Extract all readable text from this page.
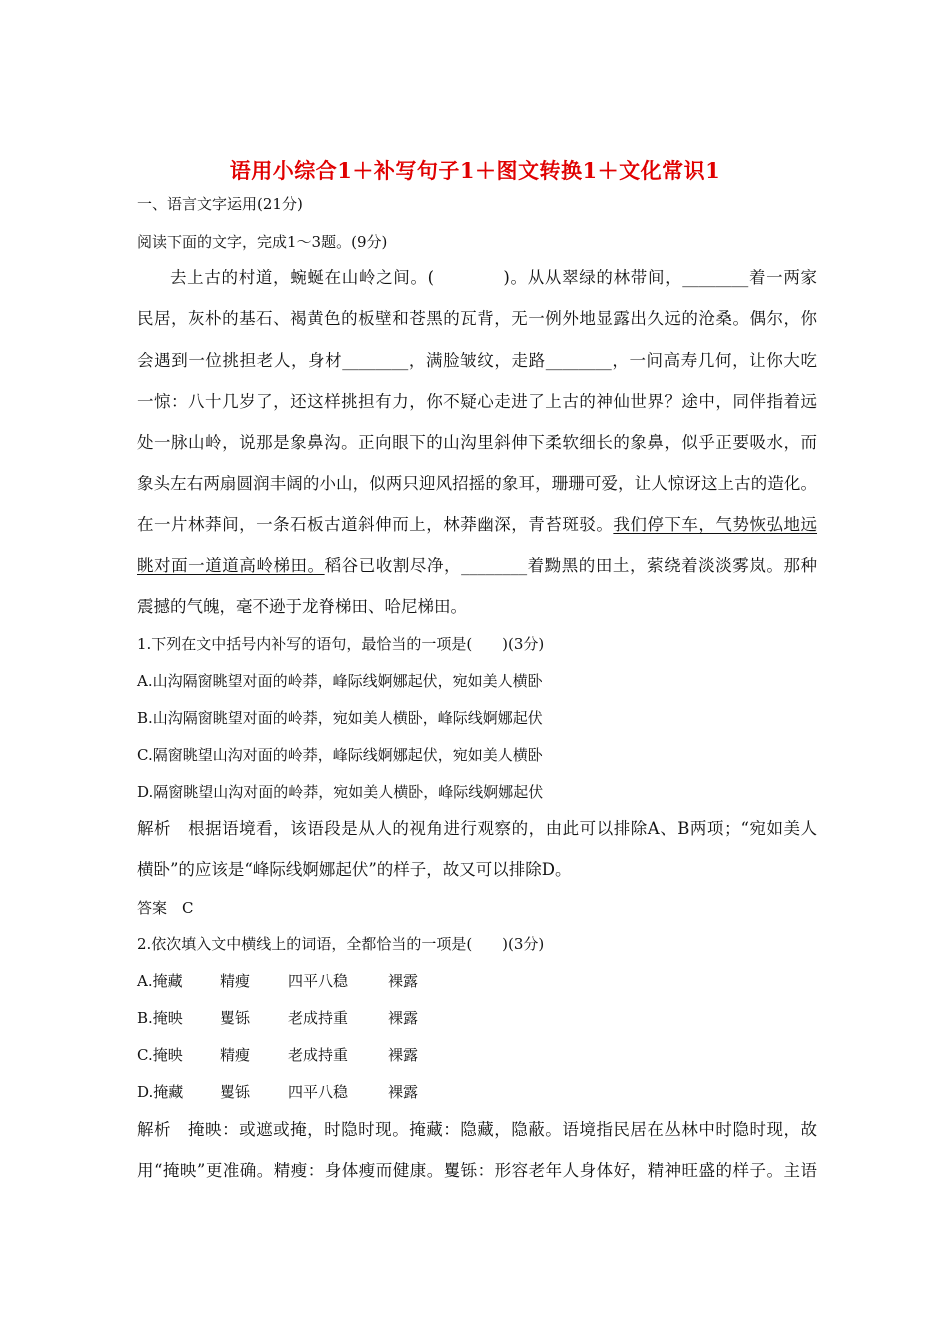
语用小综合1＋补写句子1＋图文转换1＋文化常识1
一、语言文字运用(21分)
阅读下面的文字，完成1～3题。(9分)
去上古的村道，蜿蜒在山岭之间。(　　　　)。从从翠绿的林带间，________着一两家
民居，灰朴的基石、褐黄色的板壁和苍黑的瓦背，无一例外地显露出久远的沧桑。偶尔，你
会遇到一位挑担老人，身材________，满脸皱纹，走路________，一问高寿几何，让你大吃
一惊：八十几岁了，还这样挑担有力，你不疑心走进了上古的神仙世界？途中，同伴指着远
处一脉山岭，说那是象鼻沟。正向眼下的山沟里斜伸下柔软细长的象鼻，似乎正要吸水，而
象头左右两扇圆润丰阔的小山，似两只迎风招摇的象耳，珊珊可爱，让人惊讶这上古的造化。
在一片林莽间，一条石板古道斜伸而上，林莽幽深，青苔斑驳。我们停下车，气势恢弘地远
眺对面一道道高岭梯田。稻谷已收割尽净，________着黝黑的田土，萦绕着淡淡雾岚。那种
震撼的气魄，毫不逊于龙脊梯田、哈尼梯田。
1.下列在文中括号内补写的语句，最恰当的一项是(　　)(3分)
A.山沟隔窗眺望对面的岭莽，峰际线婀娜起伏，宛如美人横卧
B.山沟隔窗眺望对面的岭莽，宛如美人横卧，峰际线婀娜起伏
C.隔窗眺望山沟对面的岭莽，峰际线婀娜起伏，宛如美人横卧
D.隔窗眺望山沟对面的岭莽，宛如美人横卧，峰际线婀娜起伏
解析　根据语境看，该语段是从人的视角进行观察的，由此可以排除A、B两项；“宛如美人
横卧”的应该是“峰际线婀娜起伏”的样子，故又可以排除D。
答案　C
2.依次填入文中横线上的词语，全都恰当的一项是(　　)(3分)
A.掩藏 精瘦	四平八稳	裸露
B.掩映 矍铄	老成持重	裸露
C.掩映 精瘦	老成持重	裸露
D.掩藏 矍铄	四平八稳	裸露
解析　掩映：或遮或掩，时隐时现。掩藏：隐藏，隐蔽。语境指民居在丛林中时隐时现，故
用“掩映”更准确。精瘦：身体瘦而健康。矍铄：形容老年人身体好，精神旺盛的样子。主语
